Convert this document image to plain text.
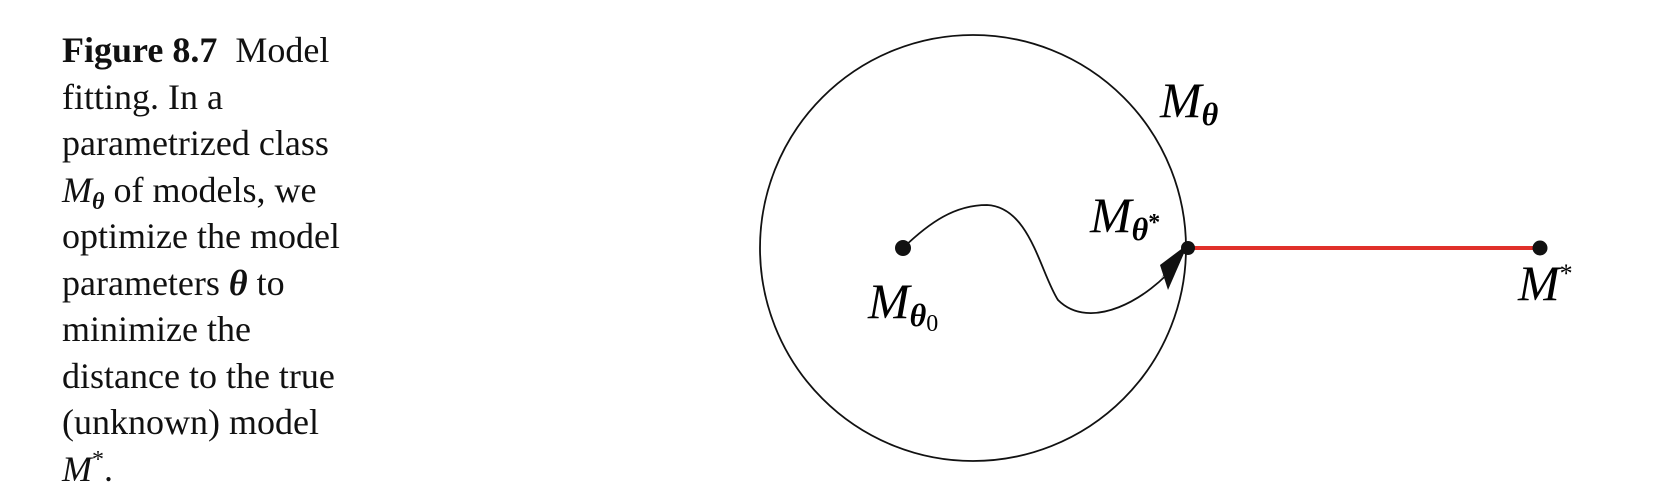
Figure 8.7 Model
fitting. In a
parametrized class
$M_\theta$ of models, we
optimize the model
parameters θ to
minimize the
distance to the true
(unknown) model
M*.
Mθ
Mθ*
Mθ0
M*
